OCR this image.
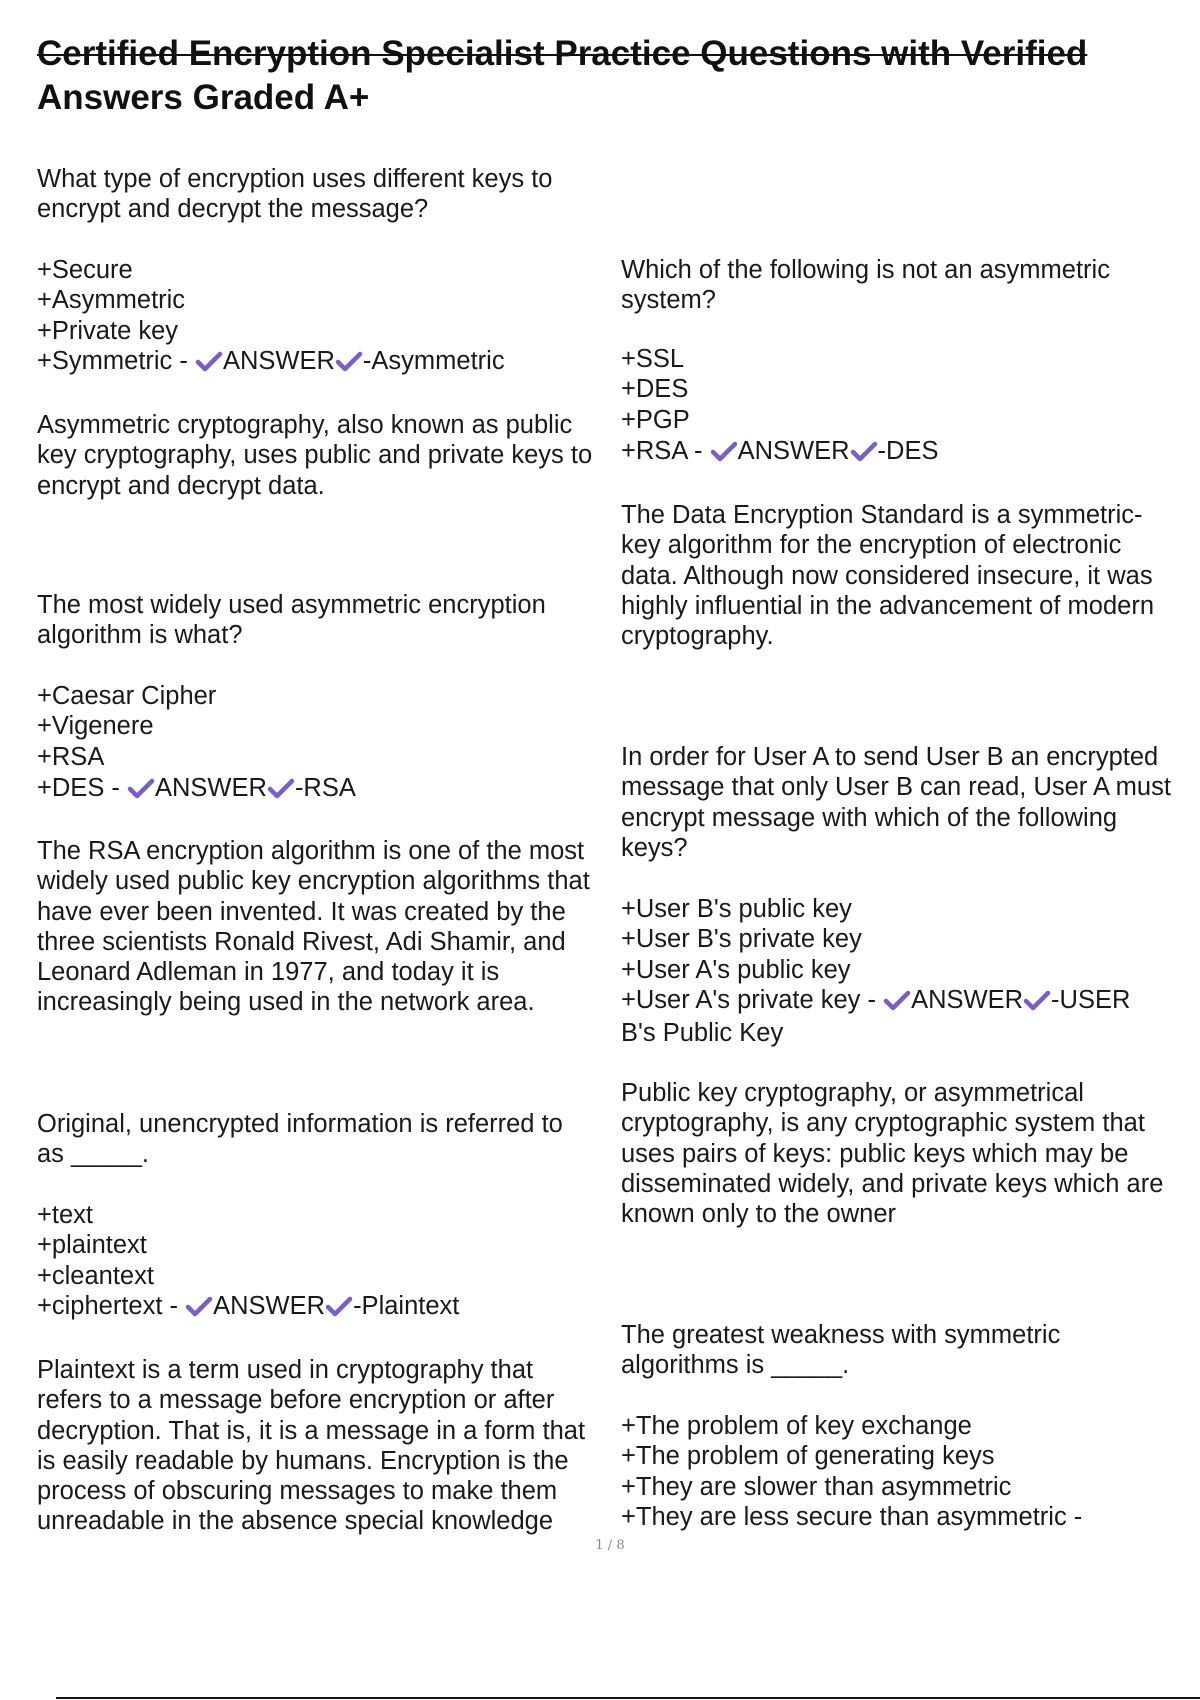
Certified Encryption Specialist Practice Questions with Verified
Answers Graded A+
What type of encryption uses different keys to
encrypt and decrypt the message?
+Secure
+Asymmetric
+Private key
+Symmetric - ANSWER -Asymmetric
Asymmetric cryptography, also known as public
key cryptography, uses public and private keys to
encrypt and decrypt data.
The most widely used asymmetric encryption
algorithm is what?
+Caesar Cipher
+Vigenere
+RSA
+DES - ANSWER -RSA
The RSA encryption algorithm is one of the most
widely used public key encryption algorithms that
have ever been invented. It was created by the
three scientists Ronald Rivest, Adi Shamir, and
Leonard Adleman in 1977, and today it is
increasingly being used in the network area.
Original, unencrypted information is referred to
as _____.
+text
+plaintext
+cleantext
+ciphertext - ANSWER -Plaintext
Plaintext is a term used in cryptography that
refers to a message before encryption or after
decryption. That is, it is a message in a form that
is easily readable by humans. Encryption is the
process of obscuring messages to make them
unreadable in the absence special knowledge
Which of the following is not an asymmetric
system?
+SSL
+DES
+PGP
+RSA - ANSWER -DES
The Data Encryption Standard is a symmetric-
key algorithm for the encryption of electronic
data. Although now considered insecure, it was
highly influential in the advancement of modern
cryptography.
In order for User A to send User B an encrypted
message that only User B can read, User A must
encrypt message with which of the following
keys?
+User B's public key
+User B's private key
+User A's public key
+User A's private key - ANSWER -USER
B's Public Key
Public key cryptography, or asymmetrical
cryptography, is any cryptographic system that
uses pairs of keys: public keys which may be
disseminated widely, and private keys which are
known only to the owner
The greatest weakness with symmetric
algorithms is _____.
+The problem of key exchange
+The problem of generating keys
+They are slower than asymmetric
+They are less secure than asymmetric -
1 / 8
